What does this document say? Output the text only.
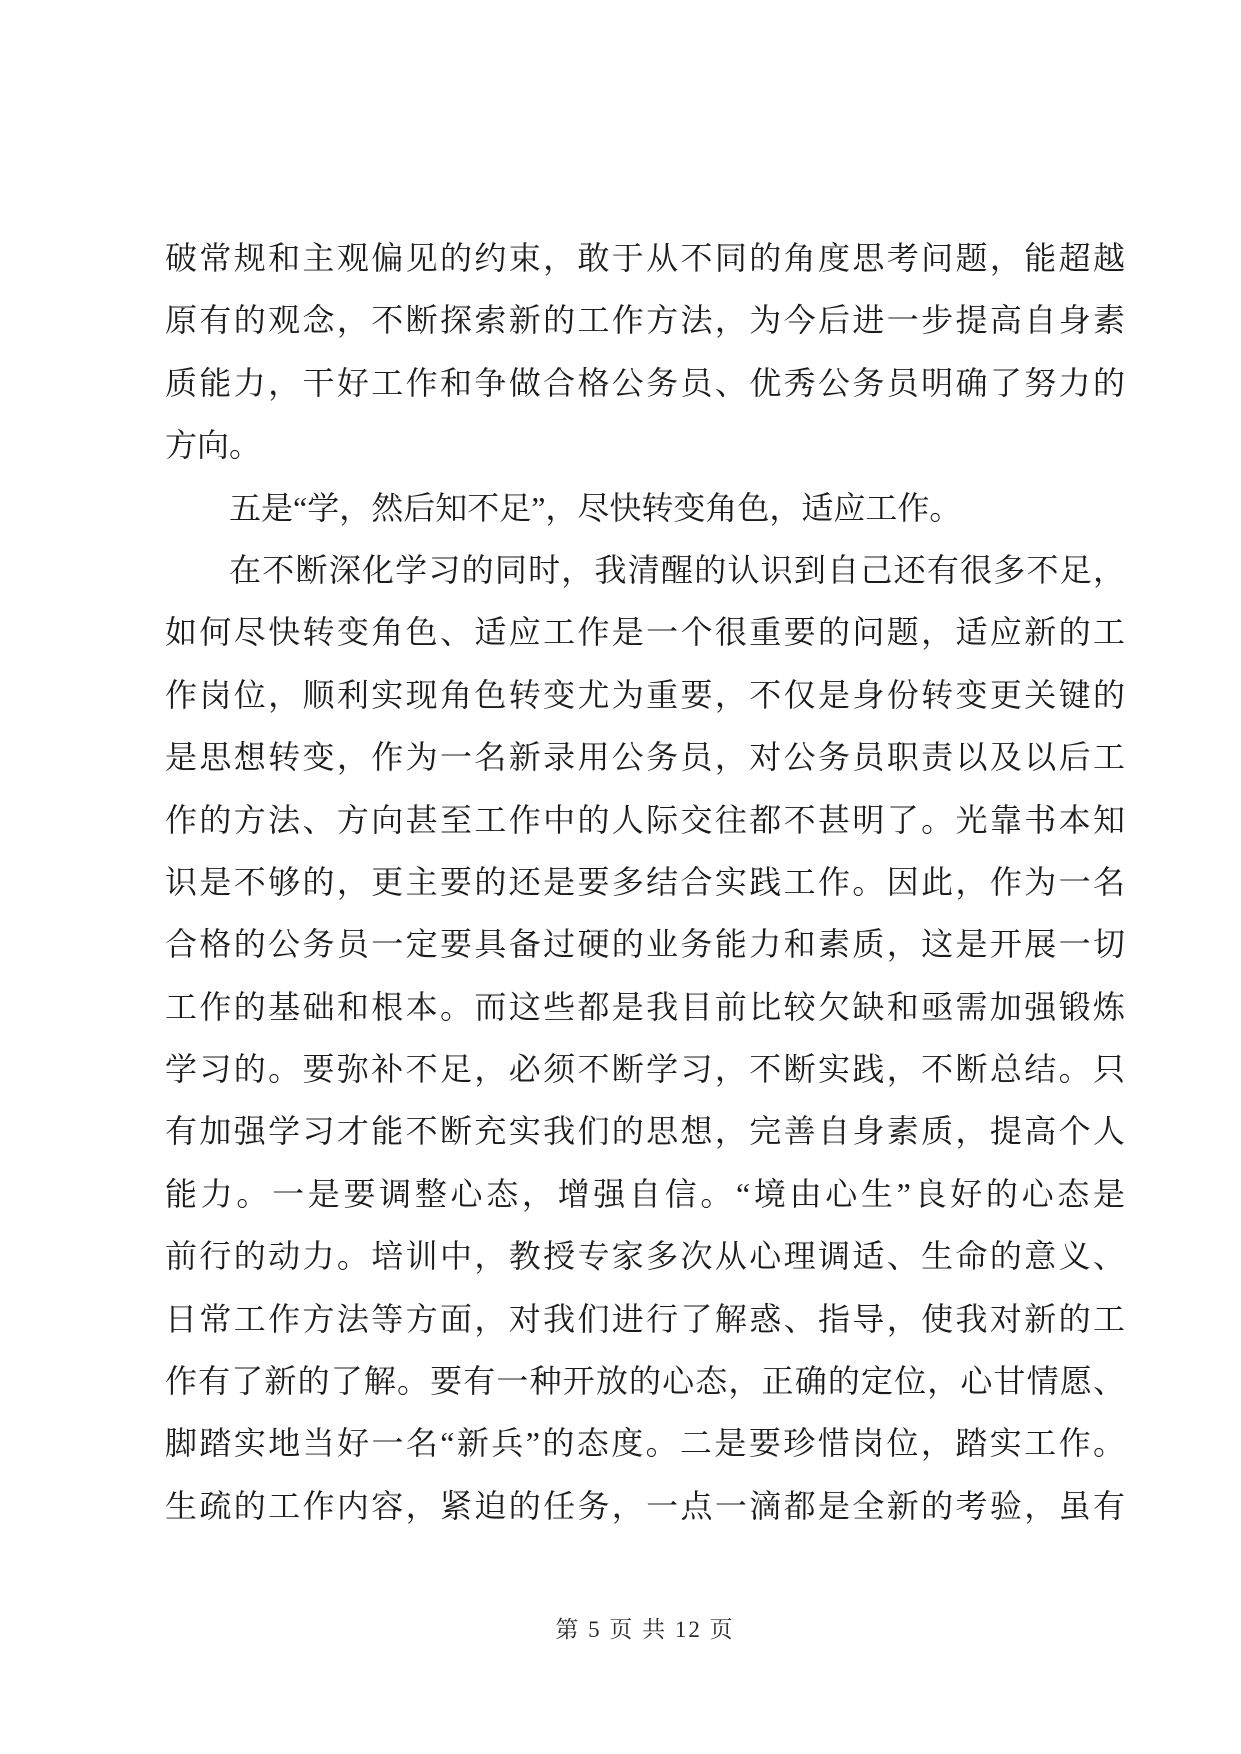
破常规和主观偏见的约束，敢于从不同的角度思考问题，能超越
原有的观念，不断探索新的工作方法，为今后进一步提高自身素
质能力，干好工作和争做合格公务员、优秀公务员明确了努力的
方向。
五是“学，然后知不足”，尽快转变角色，适应工作。
在不断深化学习的同时，我清醒的认识到自己还有很多不足，
如何尽快转变角色、适应工作是一个很重要的问题，适应新的工
作岗位，顺利实现角色转变尤为重要，不仅是身份转变更关键的
是思想转变，作为一名新录用公务员，对公务员职责以及以后工
作的方法、方向甚至工作中的人际交往都不甚明了。光靠书本知
识是不够的，更主要的还是要多结合实践工作。因此，作为一名
合格的公务员一定要具备过硬的业务能力和素质，这是开展一切
工作的基础和根本。而这些都是我目前比较欠缺和亟需加强锻炼
学习的。要弥补不足，必须不断学习，不断实践，不断总结。只
有加强学习才能不断充实我们的思想，完善自身素质，提高个人
能力。一是要调整心态，增强自信。“境由心生”良好的心态是
前行的动力。培训中，教授专家多次从心理调适、生命的意义、
日常工作方法等方面，对我们进行了解惑、指导，使我对新的工
作有了新的了解。要有一种开放的心态，正确的定位，心甘情愿、
脚踏实地当好一名“新兵”的态度。二是要珍惜岗位，踏实工作。
生疏的工作内容，紧迫的任务，一点一滴都是全新的考验，虽有
第 5 页 共 12 页
